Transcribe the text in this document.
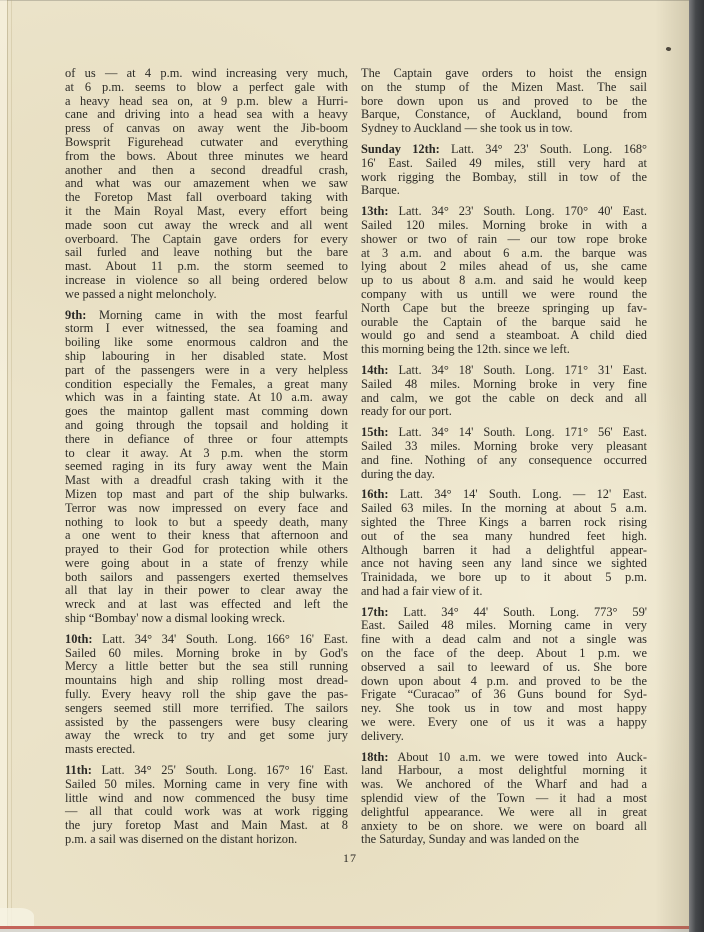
of us — at 4 p.m. wind increasing very much,
at 6 p.m. seems to blow a perfect gale with
a heavy head sea on, at 9 p.m. blew a Hurri-
cane and driving into a head sea with a heavy
press of canvas on away went the Jib-boom
Bowsprit Figurehead cutwater and everything
from the bows. About three minutes we heard
another and then a second dreadful crash,
and what was our amazement when we saw
the Foretop Mast fall overboard taking with
it the Main Royal Mast, every effort being
made soon cut away the wreck and all went
overboard. The Captain gave orders for every
sail furled and leave nothing but the bare
mast. About 11 p.m. the storm seemed to
increase in violence so all being ordered below
we passed a night meloncholy.
9th: Morning came in with the most fearful
storm I ever witnessed, the sea foaming and
boiling like some enormous caldron and the
ship labouring in her disabled state. Most
part of the passengers were in a very helpless
condition especially the Females, a great many
which was in a fainting state. At 10 a.m. away
goes the maintop gallent mast comming down
and going through the topsail and holding it
there in defiance of three or four attempts
to clear it away. At 3 p.m. when the storm
seemed raging in its fury away went the Main
Mast with a dreadful crash taking with it the
Mizen top mast and part of the ship bulwarks.
Terror was now impressed on every face and
nothing to look to but a speedy death, many
a one went to their kness that afternoon and
prayed to their God for protection while others
were going about in a state of frenzy while
both sailors and passengers exerted themselves
all that lay in their power to clear away the
wreck and at last was effected and left the
ship “Bombay' now a dismal looking wreck.
10th: Latt. 34° 34' South. Long. 166° 16' East.
Sailed 60 miles. Morning broke in by God's
Mercy a little better but the sea still running
mountains high and ship rolling most dread-
fully. Every heavy roll the ship gave the pas-
sengers seemed still more terrified. The sailors
assisted by the passengers were busy clearing
away the wreck to try and get some jury
masts erected.
11th: Latt. 34° 25' South. Long. 167° 16' East.
Sailed 50 miles. Morning came in very fine with
little wind and now commenced the busy time
— all that could work was at work rigging
the jury foretop Mast and Main Mast. at 8
p.m. a sail was diserned on the distant horizon.
The Captain gave orders to hoist the ensign
on the stump of the Mizen Mast. The sail
bore down upon us and proved to be the
Barque, Constance, of Auckland, bound from
Sydney to Auckland — she took us in tow.
Sunday 12th: Latt. 34° 23' South. Long. 168°
16' East. Sailed 49 miles, still very hard at
work rigging the Bombay, still in tow of the
Barque.
13th: Latt. 34° 23' South. Long. 170° 40' East.
Sailed 120 miles. Morning broke in with a
shower or two of rain — our tow rope broke
at 3 a.m. and about 6 a.m. the barque was
lying about 2 miles ahead of us, she came
up to us about 8 a.m. and said he would keep
company with us untill we were round the
North Cape but the breeze springing up fav-
ourable the Captain of the barque said he
would go and send a steamboat. A child died
this morning being the 12th. since we left.
14th: Latt. 34° 18' South. Long. 171° 31' East.
Sailed 48 miles. Morning broke in very fine
and calm, we got the cable on deck and all
ready for our port.
15th: Latt. 34° 14' South. Long. 171° 56' East.
Sailed 33 miles. Morning broke very pleasant
and fine. Nothing of any consequence occurred
during the day.
16th: Latt. 34° 14' South. Long. — 12' East.
Sailed 63 miles. In the morning at about 5 a.m.
sighted the Three Kings a barren rock rising
out of the sea many hundred feet high.
Although barren it had a delightful appear-
ance not having seen any land since we sighted
Trainidada, we bore up to it about 5 p.m.
and had a fair view of it.
17th: Latt. 34° 44' South. Long. 773° 59'
East. Sailed 48 miles. Morning came in very
fine with a dead calm and not a single was
on the face of the deep. About 1 p.m. we
observed a sail to leeward of us. She bore
down upon about 4 p.m. and proved to be the
Frigate “Curacao” of 36 Guns bound for Syd-
ney. She took us in tow and most happy
we were. Every one of us it was a happy
delivery.
18th: About 10 a.m. we were towed into Auck-
land Harbour, a most delightful morning it
was. We anchored of the Wharf and had a
splendid view of the Town — it had a most
delightful appearance. We were all in great
anxiety to be on shore. we were on board all
the Saturday, Sunday and was landed on the
17
